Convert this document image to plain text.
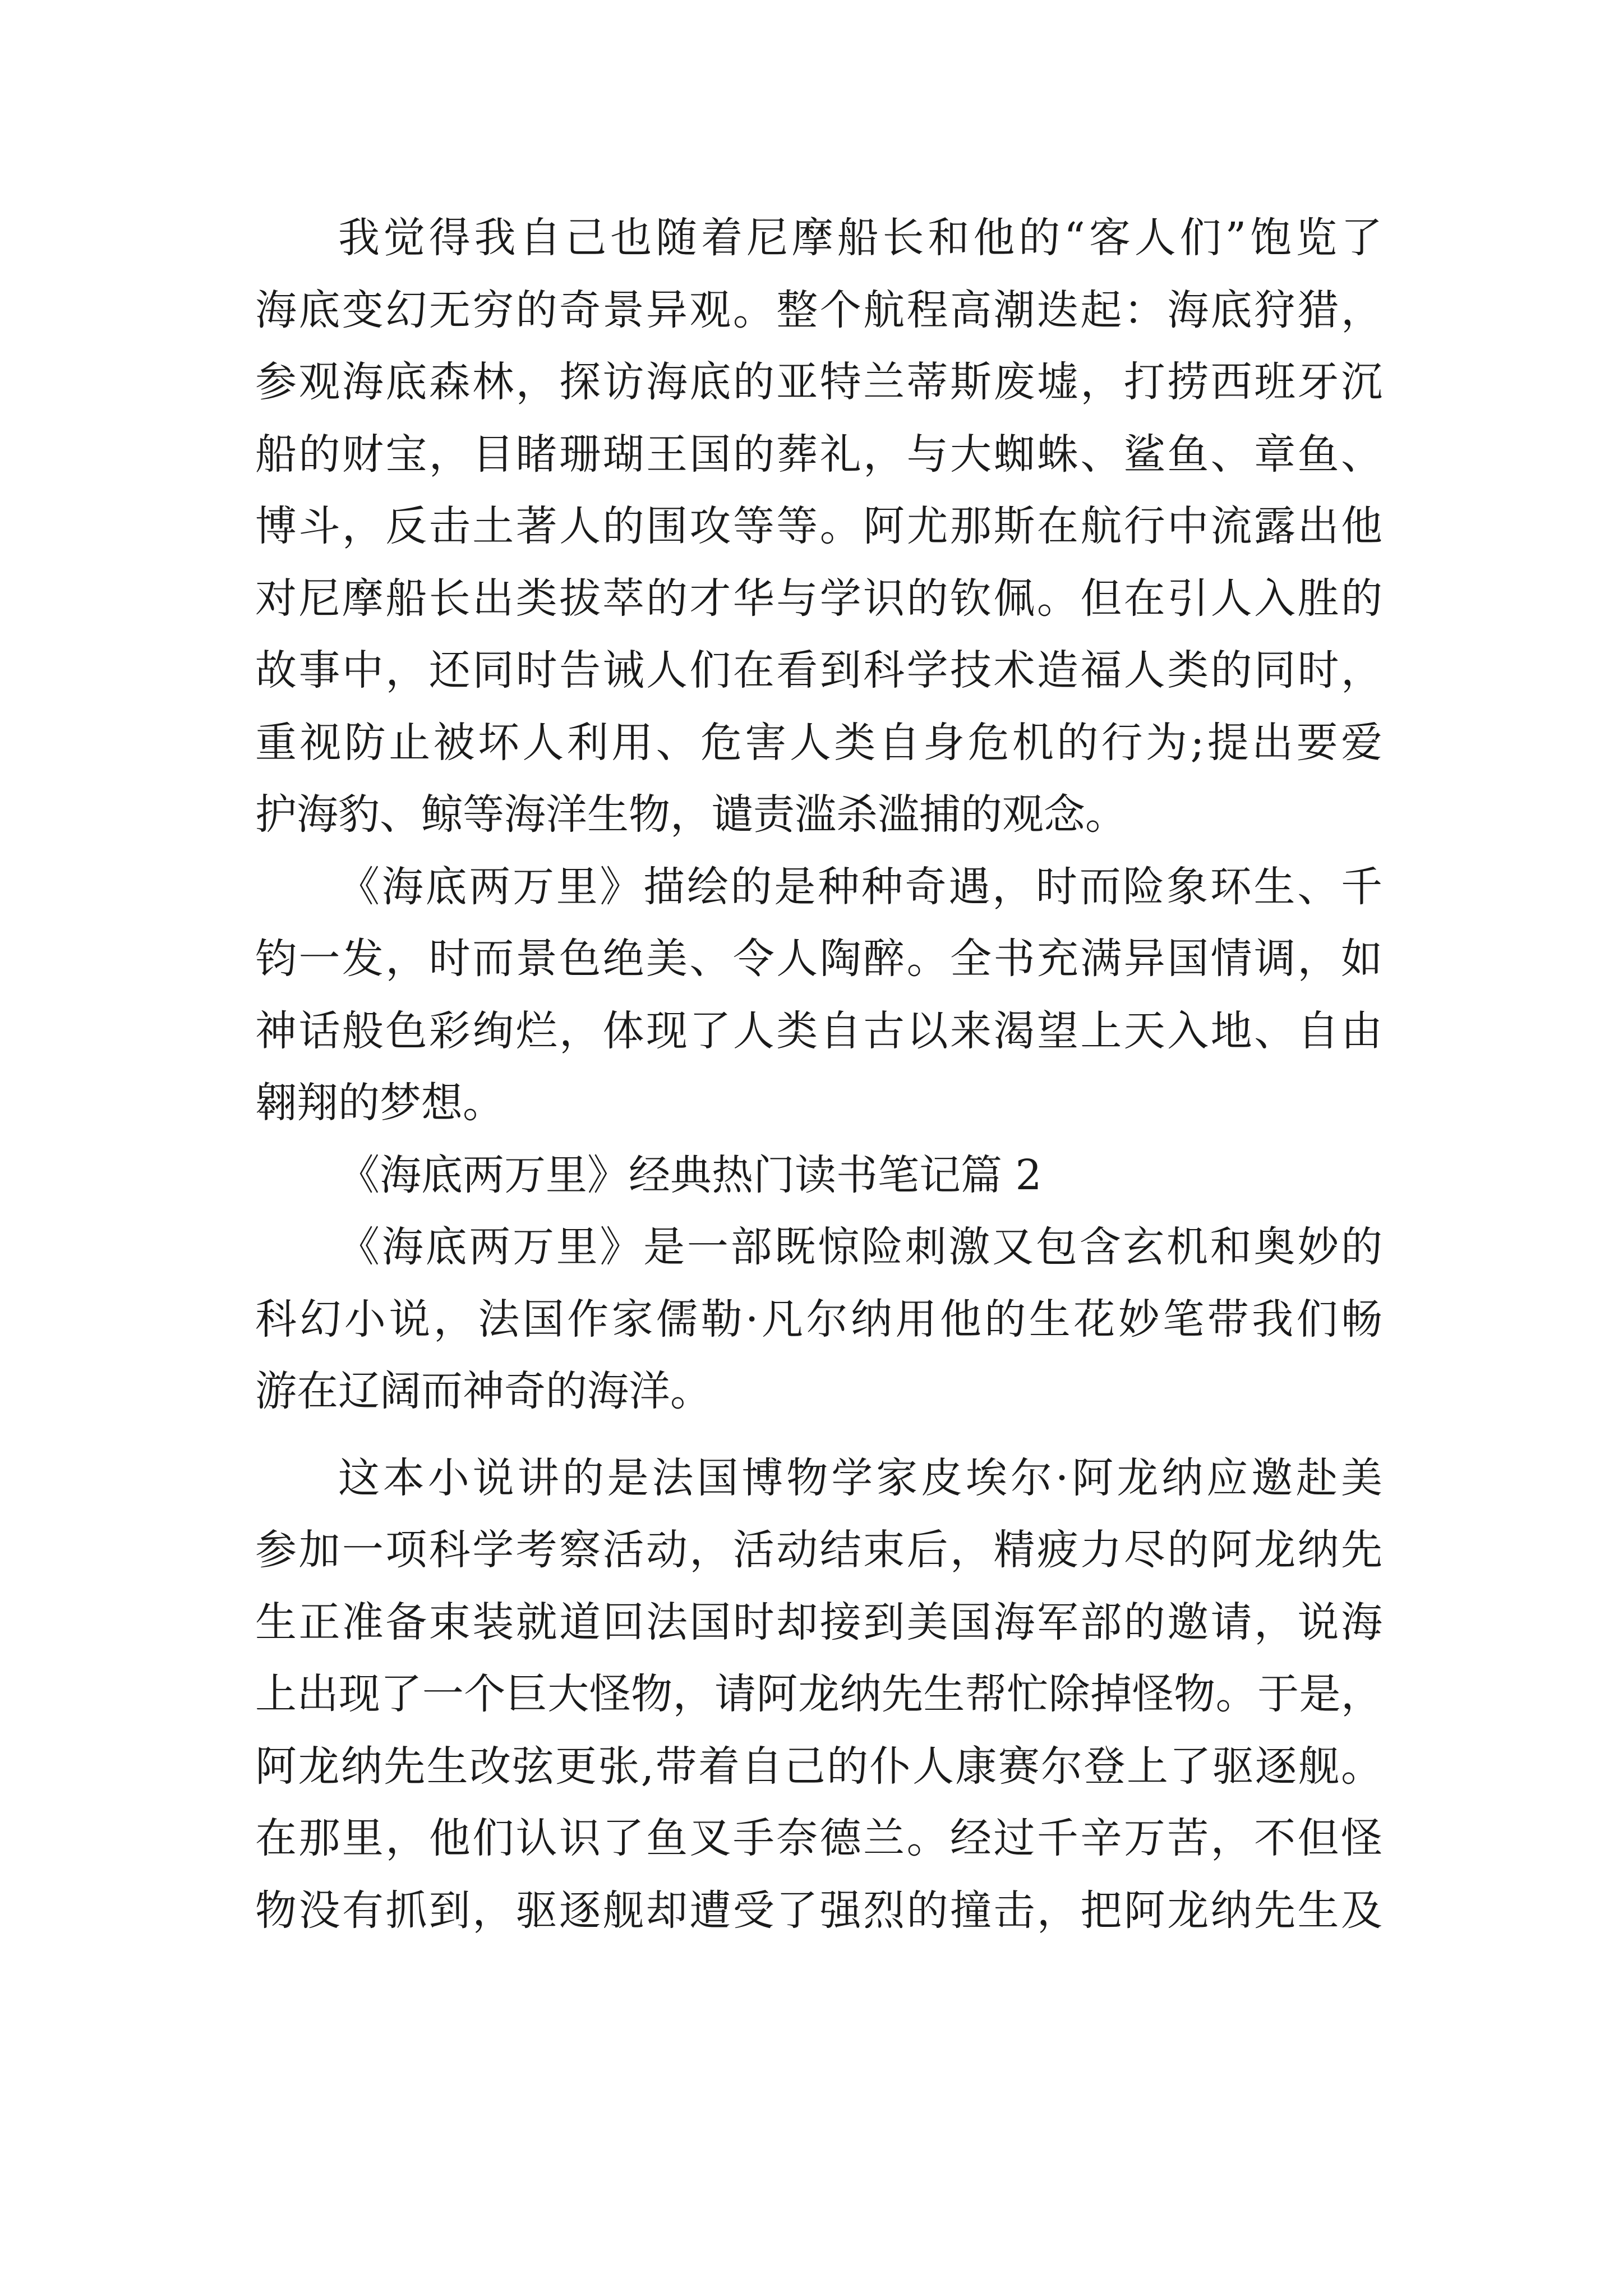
我觉得我自己也随着尼摩船长和他的“客人们”饱览了
海底变幻无穷的奇景异观。整个航程高潮迭起：海底狩猎，
参观海底森林，探访海底的亚特兰蒂斯废墟，打捞西班牙沉
船的财宝，目睹珊瑚王国的葬礼，与大蜘蛛、鲨鱼、章鱼、
博斗，反击土著人的围攻等等。阿尤那斯在航行中流露出他
对尼摩船长出类拔萃的才华与学识的钦佩。但在引人入胜的
故事中，还同时告诫人们在看到科学技术造福人类的同时，
重视防止被坏人利用、危害人类自身危机的行为;提出要爱
护海豹、鲸等海洋生物，谴责滥杀滥捕的观念。
《海底两万里》描绘的是种种奇遇，时而险象环生、千
钧一发，时而景色绝美、令人陶醉。全书充满异国情调，如
神话般色彩绚烂，体现了人类自古以来渴望上天入地、自由
翱翔的梦想。
《海底两万里》经典热门读书笔记篇 2
《海底两万里》是一部既惊险刺激又包含玄机和奥妙的
科幻小说，法国作家儒勒·凡尔纳用他的生花妙笔带我们畅
游在辽阔而神奇的海洋。
这本小说讲的是法国博物学家皮埃尔·阿龙纳应邀赴美
参加一项科学考察活动，活动结束后，精疲力尽的阿龙纳先
生正准备束装就道回法国时却接到美国海军部的邀请，说海
上出现了一个巨大怪物，请阿龙纳先生帮忙除掉怪物。于是，
阿龙纳先生改弦更张,带着自己的仆人康赛尔登上了驱逐舰。
在那里，他们认识了鱼叉手奈德兰。经过千辛万苦，不但怪
物没有抓到，驱逐舰却遭受了强烈的撞击，把阿龙纳先生及
